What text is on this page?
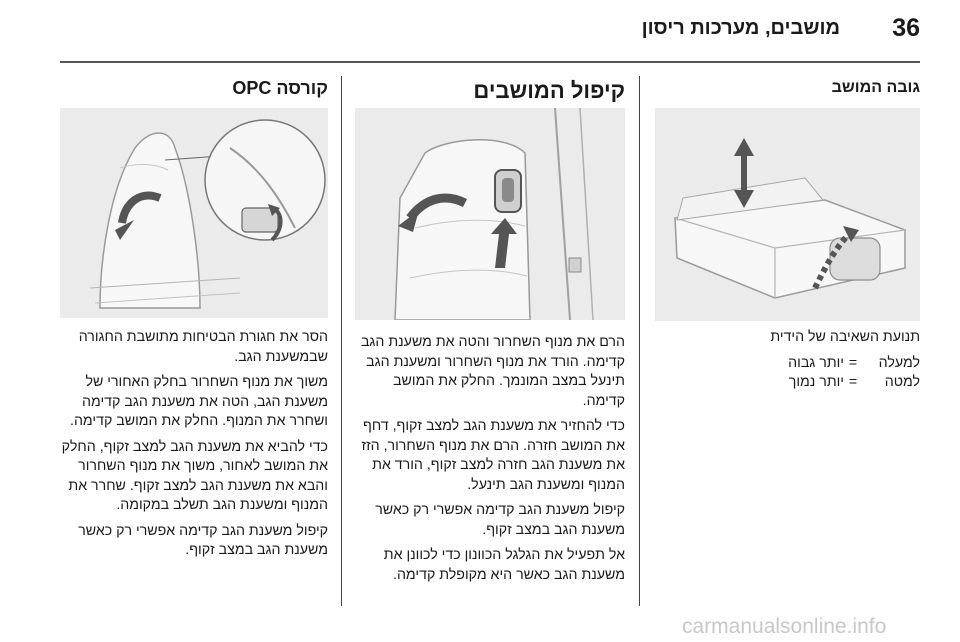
36
מושבים, מערכות ריסון
גובה המושב

תנועת השאיבה של הידית

למעלה
=
יותר גבוה
למטה
=
יותר נמוך
קיפול המושבים

הרם את מנוף השחרור והטה את משענת הגב קדימה. הורד את מנוף השחרור ומשענת הגב תינעל במצב המונמך. החלק את המושב קדימה.

כדי להחזיר את משענת הגב למצב זקוף, דחף את המושב חזרה. הרם את מנוף השחרור, הזז את משענת הגב חזרה למצב זקוף, הורד את המנוף ומשענת הגב תינעל.

קיפול משענת הגב קדימה אפשרי רק כאשר משענת הגב במצב זקוף.

אל תפעיל את הגלגל הכוונון כדי לכוונן את משענת הגב כאשר היא מקופלת קדימה.

קורסה OPC

הסר את חגורת הבטיחות מתושבת החגורה שבמשענת הגב.

משוך את מנוף השחרור בחלק האחורי של משענת הגב, הטה את משענת הגב קדימה ושחרר את המנוף. החלק את המושב קדימה.

כדי להביא את משענת הגב למצב זקוף, החלק את המושב לאחור, משוך את מנוף השחרור והבא את משענת הגב למצב זקוף. שחרר את המנוף ומשענת הגב תשלב במקומה.

קיפול משענת הגב קדימה אפשרי רק כאשר משענת הגב במצב זקוף.

carmanualsonline.info
